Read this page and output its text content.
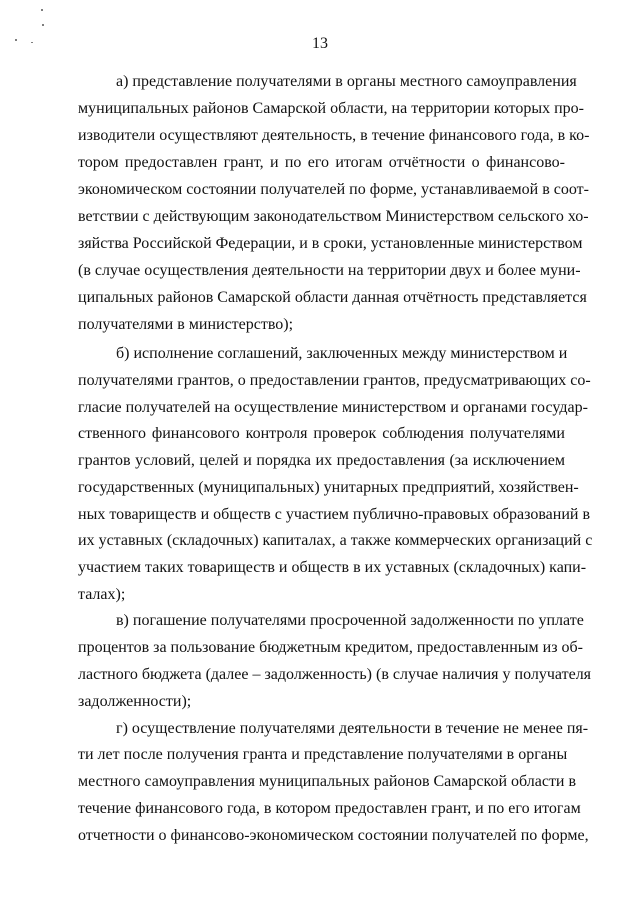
13
а) представление получателями в органы местного самоуправления
муниципальных районов Самарской области, на территории которых про-
изводители осуществляют деятельность, в течение финансового года, в ко-
тором предоставлен грант, и по его итогам отчётности о финансово-
экономическом состоянии получателей по форме, устанавливаемой в соот-
ветствии с действующим законодательством Министерством сельского хо-
зяйства Российской Федерации, и в сроки, установленные министерством
(в случае осуществления деятельности на территории двух и более муни-
ципальных районов Самарской области данная отчётность представляется
получателями в министерство);
б) исполнение соглашений, заключенных между министерством и
получателями грантов, о предоставлении грантов, предусматривающих со-
гласие получателей на осуществление министерством и органами государ-
ственного финансового контроля проверок соблюдения получателями
грантов условий, целей и порядка их предоставления (за исключением
государственных (муниципальных) унитарных предприятий, хозяйствен-
ных товариществ и обществ с участием публично-правовых образований в
их уставных (складочных) капиталах, а также коммерческих организаций с
участием таких товариществ и обществ в их уставных (складочных) капи-
талах);
в) погашение получателями просроченной задолженности по уплате
процентов за пользование бюджетным кредитом, предоставленным из об-
ластного бюджета (далее – задолженность) (в случае наличия у получателя
задолженности);
г) осуществление получателями деятельности в течение не менее пя-
ти лет после получения гранта и представление получателями в органы
местного самоуправления муниципальных районов Самарской области в
течение финансового года, в котором предоставлен грант, и по его итогам
отчетности о финансово-экономическом состоянии получателей по форме,
